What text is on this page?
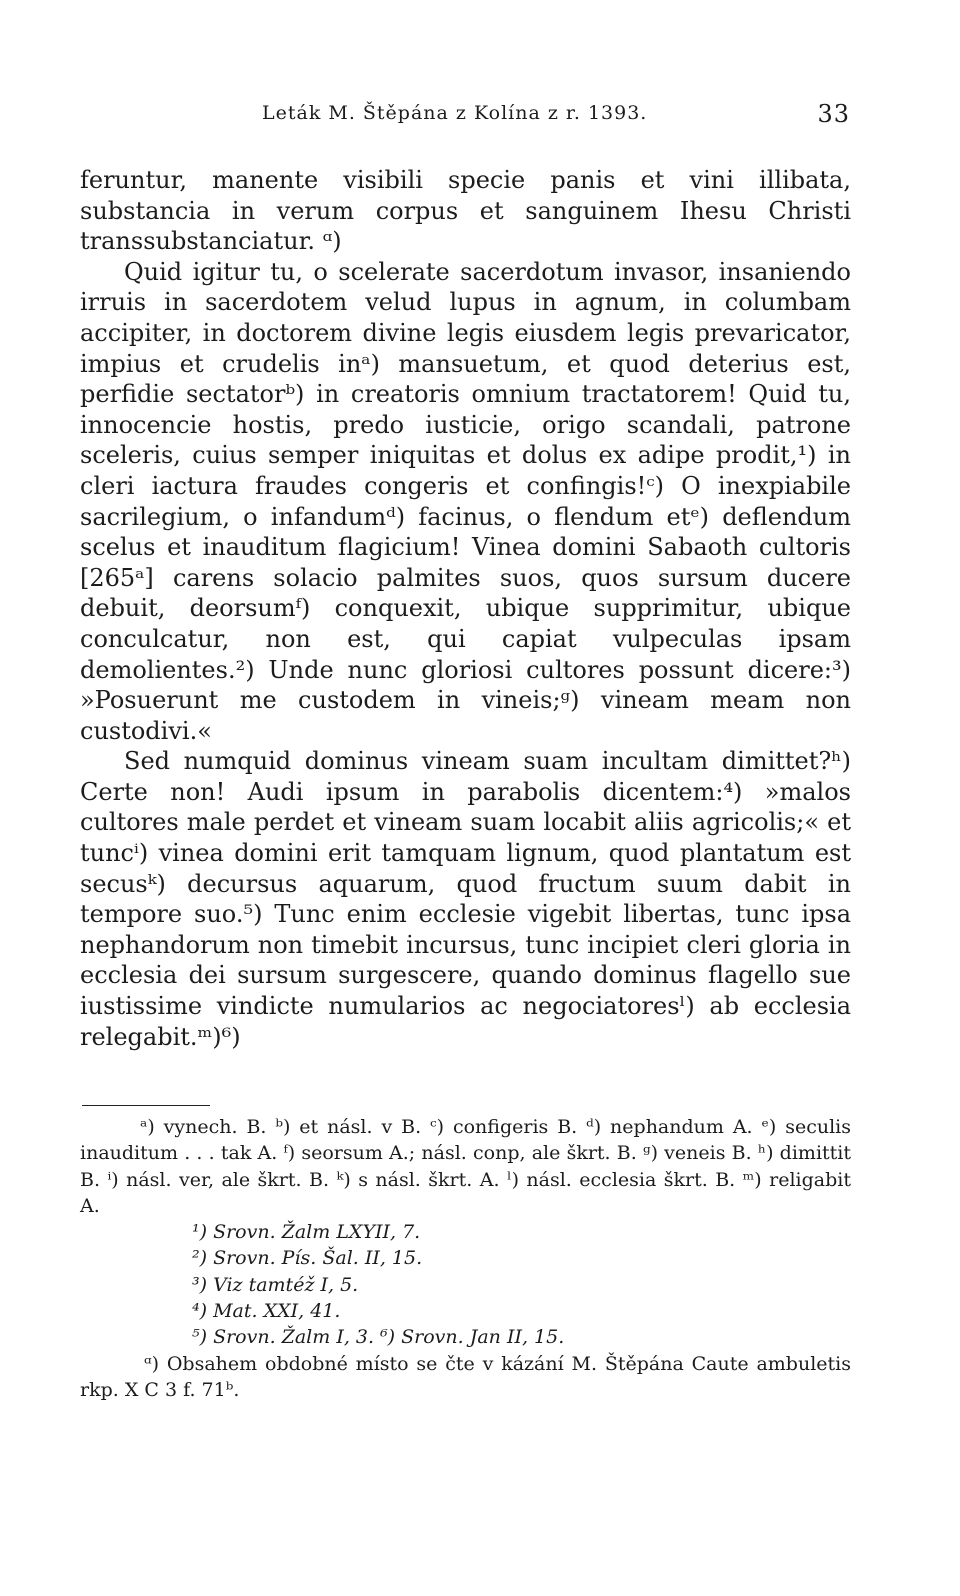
Leták M. Štěpána z Kolína z r. 1393.	33

feruntur, manente visibili specie panis et vini illibata, substancia in verum corpus et sanguinem Ihesu Christi transsubstanciatur. ᵅ)

Quid igitur tu, o scelerate sacerdotum invasor, insaniendo irruis in sacerdotem velud lupus in agnum, in columbam accipiter, in doctorem divine legis eiusdem legis prevaricator, impius et crudelis inᵃ) mansuetum, et quod deterius est, perfidie sectatorᵇ) in creatoris omnium tractatorem! Quid tu, innocencie hostis, predo iusticie, origo scandali, patrone sceleris, cuius semper iniquitas et dolus ex adipe prodit,¹) in cleri iactura fraudes congeris et confingis!ᶜ) O inexpiabile sacrilegium, o infandumᵈ) facinus, o flendum etᵉ) deflendum scelus et inauditum flagicium! Vinea domini Sabaoth cultoris [265ᵃ] carens solacio palmites suos, quos sursum ducere debuit, deorsumᶠ) conquexit, ubique supprimitur, ubique conculcatur, non est, qui capiat vulpeculas ipsam demolientes.²) Unde nunc gloriosi cultores possunt dicere:³) »Posuerunt me custodem in vineis;ᵍ) vineam meam non custodivi.«

Sed numquid dominus vineam suam incultam dimittet?ʰ) Certe non! Audi ipsum in parabolis dicentem:⁴) »malos cultores male perdet et vineam suam locabit aliis agricolis;« et tuncⁱ) vinea domini erit tamquam lignum, quod plantatum est secusᵏ) decursus aquarum, quod fructum suum dabit in tempore suo.⁵) Tunc enim ecclesie vigebit libertas, tunc ipsa nephandorum non timebit incursus, tunc incipiet cleri gloria in ecclesia dei sursum surgescere, quando dominus flagello sue iustissime vindicte numularios ac negociatoresˡ) ab ecclesia relegabit.ᵐ)⁶)

ᵃ) vynech. B. ᵇ) et násl. v B. ᶜ) configeris B. ᵈ) nephandum A. ᵉ) seculis inauditum . . . tak A. ᶠ) seorsum A.; násl. conp, ale škrt. B. ᵍ) veneis B. ʰ) dimittit B. ⁱ) násl. ver, ale škrt. B. ᵏ) s násl. škrt. A. ˡ) násl. ecclesia škrt. B. ᵐ) religabit A.

¹) Srovn. Žalm LXYII, 7.

²) Srovn. Pís. Šal. II, 15.

³) Viz tamtéž I, 5.

⁴) Mat. XXI, 41.

⁵) Srovn. Žalm I, 3. ⁶) Srovn. Jan II, 15.

ᵅ) Obsahem obdobné místo se čte v kázání M. Štěpána Caute ambuletis rkp. X C 3 f. 71ᵇ.
